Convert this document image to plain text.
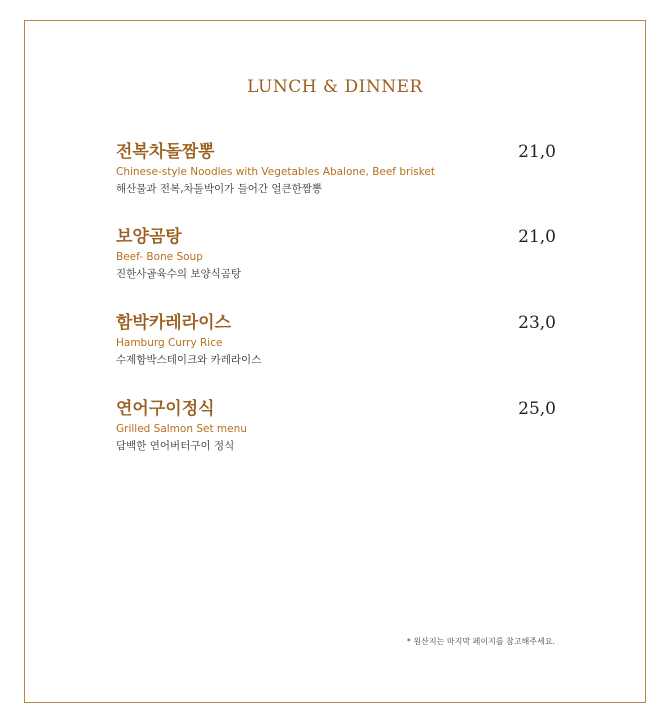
LUNCH & DINNER
전복차돌짬뽕
Chinese-style Noodles with Vegetables Abalone, Beef brisket
해산물과 전복,차돌박이가 들어간 얼큰한짬뽕
21,0
보양곰탕
Beef- Bone Soup
진한사골육수의 보양식곰탕
21,0
함박카레라이스
Hamburg Curry Rice
수제함박스테이크와 카레라이스
23,0
연어구이정식
Grilled Salmon Set menu
담백한 연어버터구이 정식
25,0
* 원산지는 마지막 페이지를 참고해주세요.
